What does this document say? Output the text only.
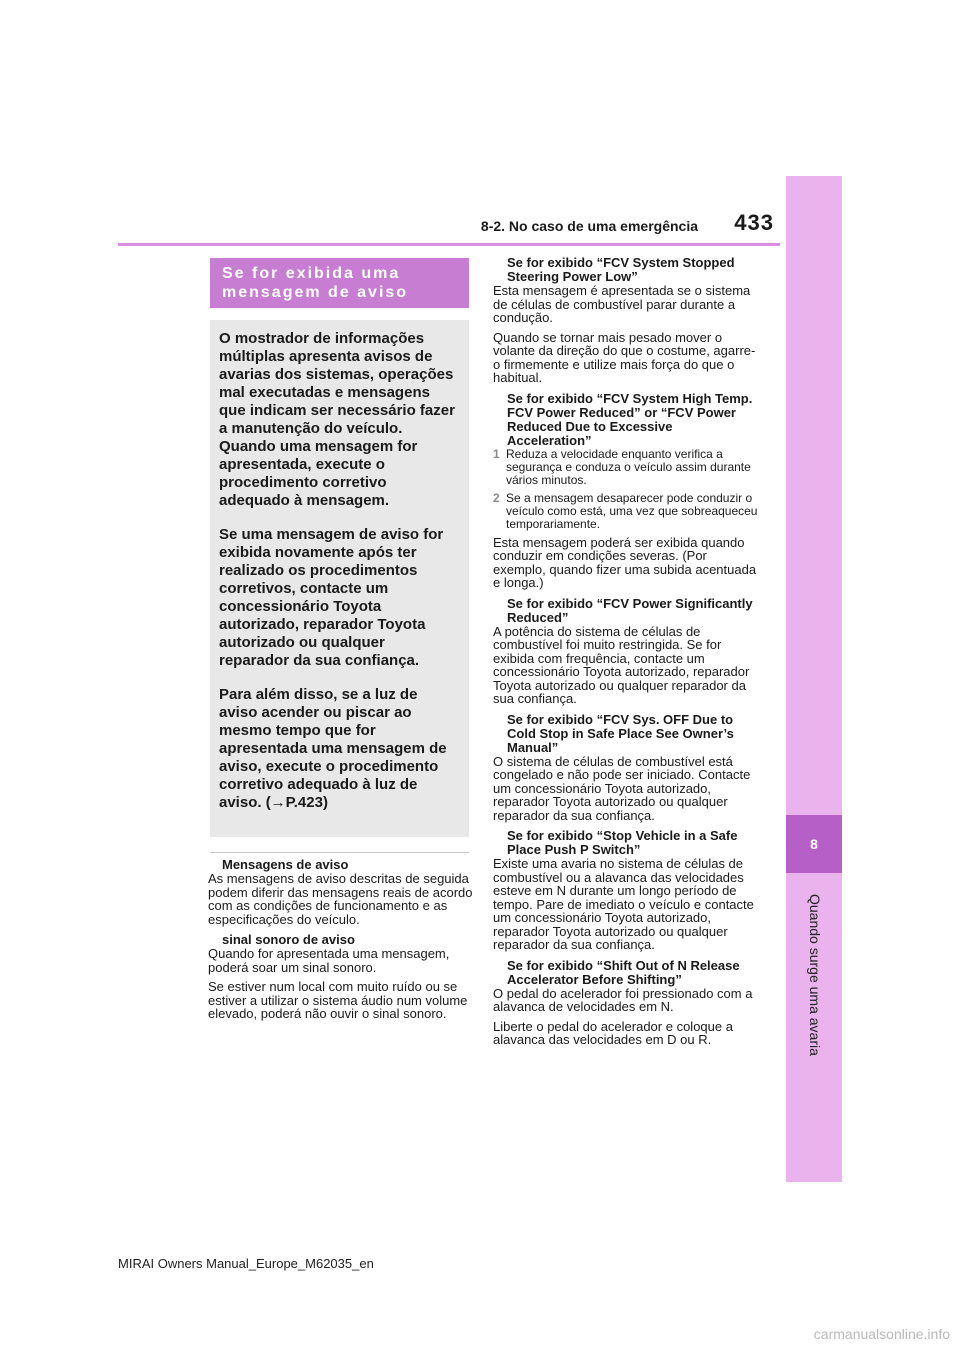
8-2. No caso de uma emergência	433
8
Quando surge uma avaria
Se for exibida uma mensagem de aviso

O mostrador de informações múltiplas apresenta avisos de avarias dos sistemas, operações mal executadas e mensagens que indicam ser necessário fazer a manutenção do veículo. Quando uma mensagem for apresentada, execute o procedimento corretivo adequado à mensagem.

Se uma mensagem de aviso for exibida novamente após ter realizado os procedimentos corretivos, contacte um concessionário Toyota autorizado, reparador Toyota autorizado ou qualquer reparador da sua confiança.

Para além disso, se a luz de aviso acender ou piscar ao mesmo tempo que for apresentada uma mensagem de aviso, execute o procedimento corretivo adequado à luz de aviso. (→P.423)

Mensagens de aviso

As mensagens de aviso descritas de seguida podem diferir das mensagens reais de acordo com as condições de funcionamento e as especificações do veículo.

sinal sonoro de aviso

Quando for apresentada uma mensagem, poderá soar um sinal sonoro.

Se estiver num local com muito ruído ou se estiver a utilizar o sistema áudio num volume elevado, poderá não ouvir o sinal sonoro.

Se for exibido “FCV System Stopped Steering Power Low”

Esta mensagem é apresentada se o sistema de células de combustível parar durante a condução.

Quando se tornar mais pesado mover o volante da direção do que o costume, agarre-o firmemente e utilize mais força do que o habitual.

Se for exibido “FCV System High Temp. FCV Power Reduced” or “FCV Power Reduced Due to Excessive Acceleration”

1 Reduza a velocidade enquanto verifica a segurança e conduza o veículo assim durante vários minutos.
2 Se a mensagem desaparecer pode conduzir o veículo como está, uma vez que sobreaqueceu temporariamente.

Esta mensagem poderá ser exibida quando conduzir em condições severas. (Por exemplo, quando fizer uma subida acentuada e longa.)

Se for exibido “FCV Power Significantly Reduced”

A potência do sistema de células de combustível foi muito restringida. Se for exibida com frequência, contacte um concessionário Toyota autorizado, reparador Toyota autorizado ou qualquer reparador da sua confiança.

Se for exibido “FCV Sys. OFF Due to Cold Stop in Safe Place See Owner’s Manual”

O sistema de células de combustível está congelado e não pode ser iniciado. Contacte um concessionário Toyota autorizado, reparador Toyota autorizado ou qualquer reparador da sua confiança.

Se for exibido “Stop Vehicle in a Safe Place Push P Switch”

Existe uma avaria no sistema de células de combustível ou a alavanca das velocidades esteve em N durante um longo período de tempo. Pare de imediato o veículo e contacte um concessionário Toyota autorizado, reparador Toyota autorizado ou qualquer reparador da sua confiança.

Se for exibido “Shift Out of N Release Accelerator Before Shifting”

O pedal do acelerador foi pressionado com a alavanca de velocidades em N.

Liberte o pedal do acelerador e coloque a alavanca das velocidades em D ou R.

MIRAI Owners Manual_Europe_M62035_en
carmanualsonline.info
